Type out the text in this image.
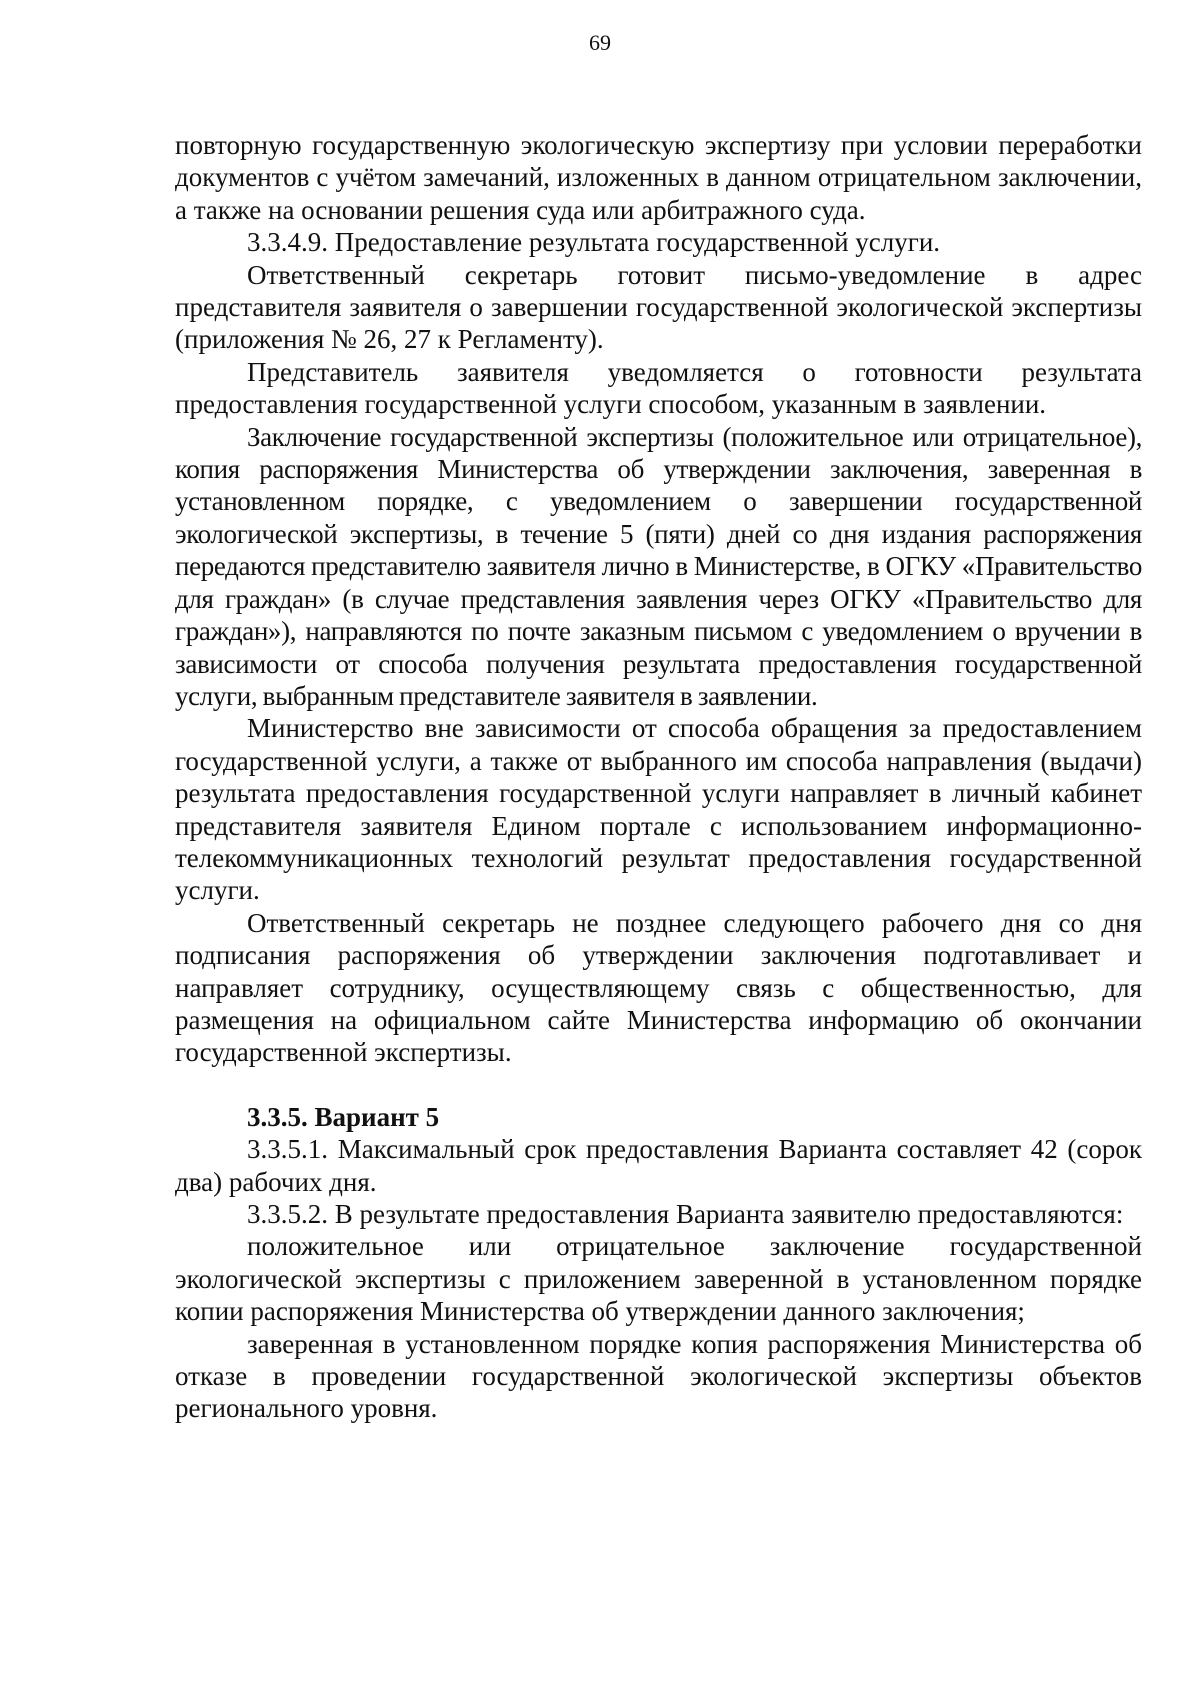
69

повторную государственную экологическую экспертизу при условии переработки документов с учётом замечаний, изложенных в данном отрицательном заключении, а также на основании решения суда или арбитражного суда.

3.3.4.9. Предоставление результата государственной услуги.

Ответственный секретарь готовит письмо-уведомление в адрес представителя заявителя о завершении государственной экологической экспертизы (приложения № 26, 27 к Регламенту).

Представитель заявителя уведомляется о готовности результата предоставления государственной услуги способом, указанным в заявлении.

Заключение государственной экспертизы (положительное или отрицательное), копия распоряжения Министерства об утверждении заключения, заверенная в установленном порядке, с уведомлением о завершении государственной экологической экспертизы, в течение 5 (пяти) дней со дня издания распоряжения передаются представителю заявителя лично в Министерстве, в ОГКУ «Правительство для граждан» (в случае представления заявления через ОГКУ «Правительство для граждан»), направляются по почте заказным письмом с уведомлением о вручении в зависимости от способа получения результата предоставления государственной услуги, выбранным представителе заявителя в заявлении.

Министерство вне зависимости от способа обращения за предоставлением государственной услуги, а также от выбранного им способа направления (выдачи) результата предоставления государственной услуги направляет в личный кабинет представителя заявителя Едином портале с использованием информационно-телекоммуникационных технологий результат предоставления государственной услуги.

Ответственный секретарь не позднее следующего рабочего дня со дня подписания распоряжения об утверждении заключения подготавливает и направляет сотруднику, осуществляющему связь с общественностью, для размещения на официальном сайте Министерства информацию об окончании государственной экспертизы.

3.3.5. Вариант 5

3.3.5.1. Максимальный срок предоставления Варианта составляет 42 (сорок два) рабочих дня.

3.3.5.2. В результате предоставления Варианта заявителю предоставляются:

положительное или отрицательное заключение государственной экологической экспертизы с приложением заверенной в установленном порядке копии распоряжения Министерства об утверждении данного заключения;

заверенная в установленном порядке копия распоряжения Министерства об отказе в проведении государственной экологической экспертизы объектов регионального уровня.
